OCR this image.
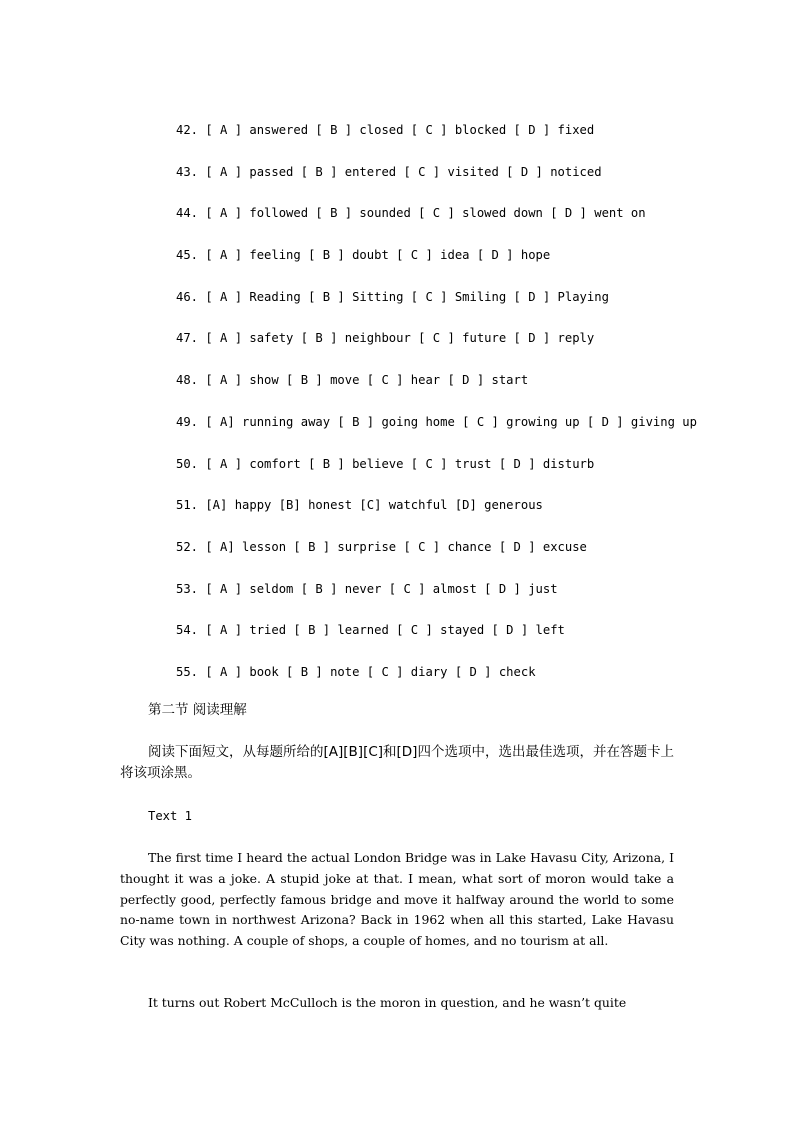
42. [ A ] answered [ B ] closed [ C ] blocked [ D ] fixed
43. [ A ] passed [ B ] entered [ C ] visited [ D ] noticed
44. [ A ] followed [ B ] sounded [ C ] slowed down [ D ] went on
45. [ A ] feeling [ B ] doubt [ C ] idea [ D ] hope
46. [ A ] Reading [ B ] Sitting [ C ] Smiling [ D ] Playing
47. [ A ] safety [ B ] neighbour [ C ] future [ D ] reply
48. [ A ] show [ B ] move [ C ] hear [ D ] start
49. [ A] running away [ B ] going home [ C ] growing up [ D ] giving up
50. [ A ] comfort [ B ] believe [ C ] trust [ D ] disturb
51. [A] happy [B] honest [C] watchful [D] generous
52. [ A] lesson [ B ] surprise [ C ] chance [ D ] excuse
53. [ A ] seldom [ B ] never [ C ] almost [ D ] just
54. [ A ] tried [ B ] learned [ C ] stayed [ D ] left
55. [ A ] book [ B ] note [ C ] diary [ D ] check
第二节 阅读理解

阅读下面短文，从每题所给的[A][B][C]和[D]四个选项中，选出最佳选项，并在答题卡上将该项涂黑。

Text 1

The first time I heard the actual London Bridge was in Lake Havasu City, Arizona, I thought it was a joke. A stupid joke at that. I mean, what sort of moron would take a perfectly good, perfectly famous bridge and move it halfway around the world to some no-name town in northwest Arizona? Back in 1962 when all this started, Lake Havasu City was nothing. A couple of shops, a couple of homes, and no tourism at all.

It turns out Robert McCulloch is the moron in question, and he wasn’t quite
